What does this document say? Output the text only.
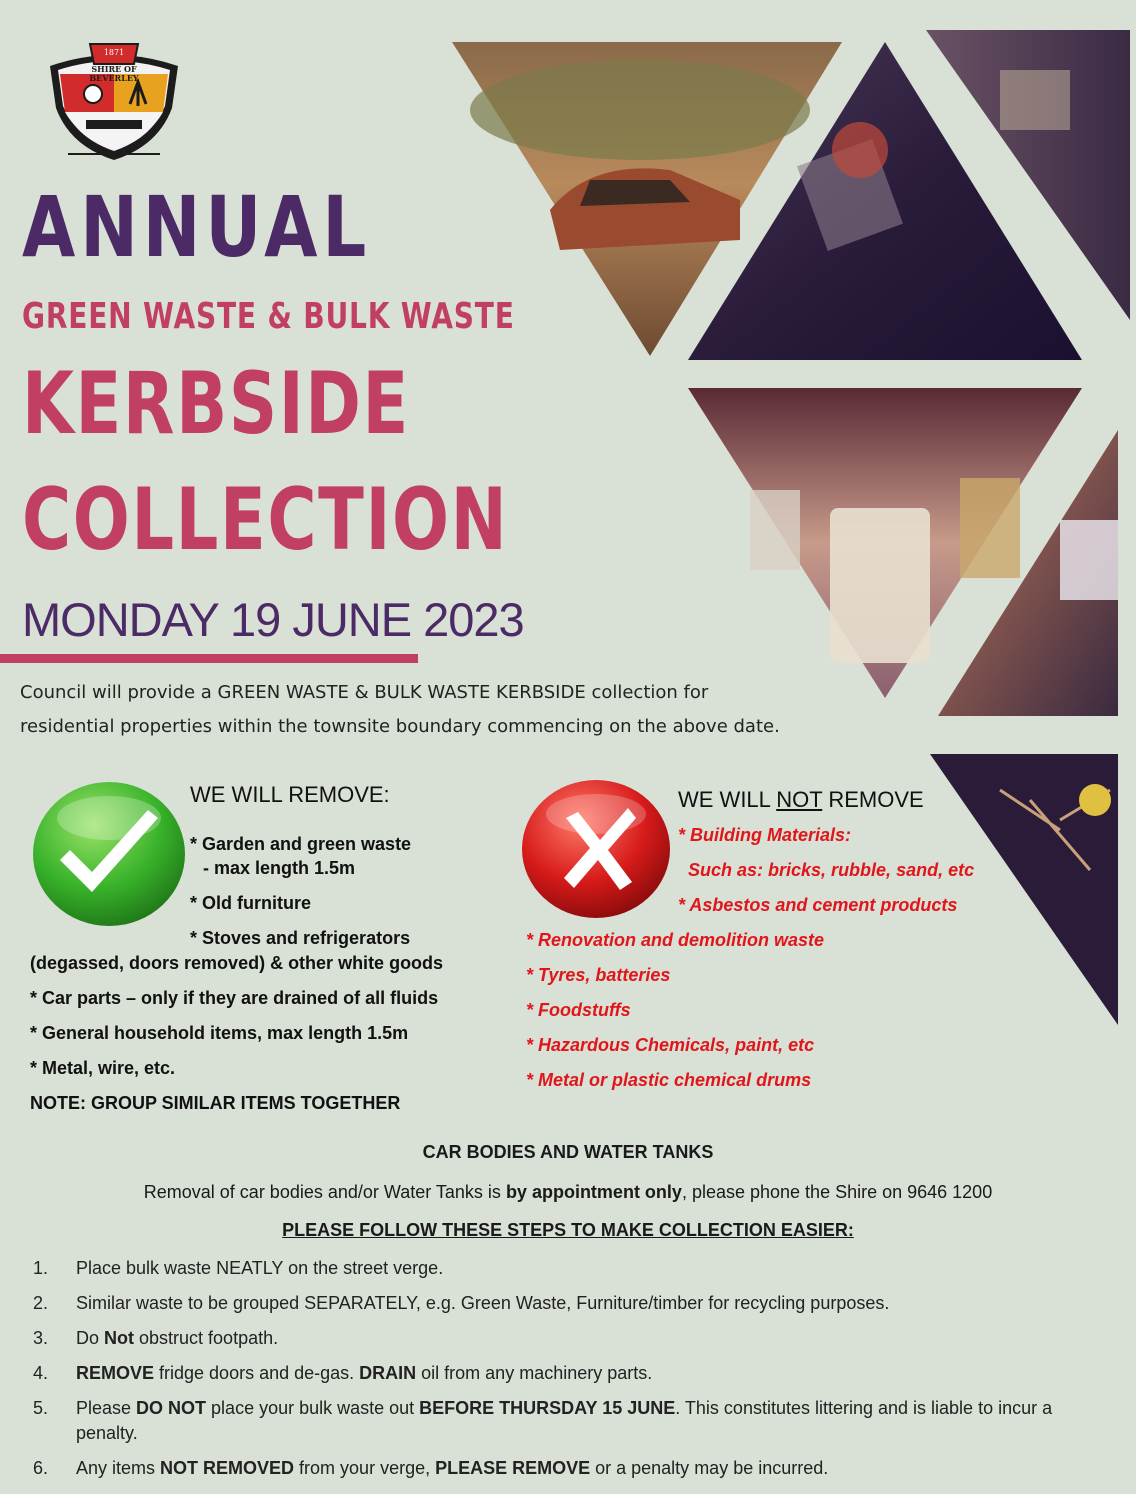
1871
SHIRE OF
BEVERLEY
ANNUAL
GREEN WASTE & BULK WASTE
KERBSIDE
COLLECTION
MONDAY 19 JUNE 2023
Council will provide a GREEN WASTE & BULK WASTE KERBSIDE collection for
residential properties within the townsite boundary commencing on the above date.
WE WILL REMOVE:
* Garden and green waste
- max length 1.5m
* Old furniture
* Stoves and refrigerators
(degassed, doors removed) & other white goods
* Car parts – only if they are drained of all fluids
* General household items, max length 1.5m
* Metal, wire, etc.
NOTE: GROUP SIMILAR ITEMS TOGETHER
WE WILL NOT REMOVE
* Building Materials:
Such as: bricks, rubble, sand, etc
* Asbestos and cement products
* Renovation and demolition waste
* Tyres, batteries
* Foodstuffs
* Hazardous Chemicals, paint, etc
* Metal or plastic chemical drums
CAR BODIES AND WATER TANKS
Removal of car bodies and/or Water Tanks is by appointment only, please phone the Shire on 9646 1200
PLEASE FOLLOW THESE STEPS TO MAKE COLLECTION EASIER:
1. Place bulk waste NEATLY on the street verge.
2. Similar waste to be grouped SEPARATELY, e.g. Green Waste, Furniture/timber for recycling purposes.
3. Do Not obstruct footpath.
4. REMOVE fridge doors and de-gas. DRAIN oil from any machinery parts.
5. Please DO NOT place your bulk waste out BEFORE THURSDAY 15 JUNE. This constitutes littering and is liable to incur a penalty.
6. Any items NOT REMOVED from your verge, PLEASE REMOVE or a penalty may be incurred.
